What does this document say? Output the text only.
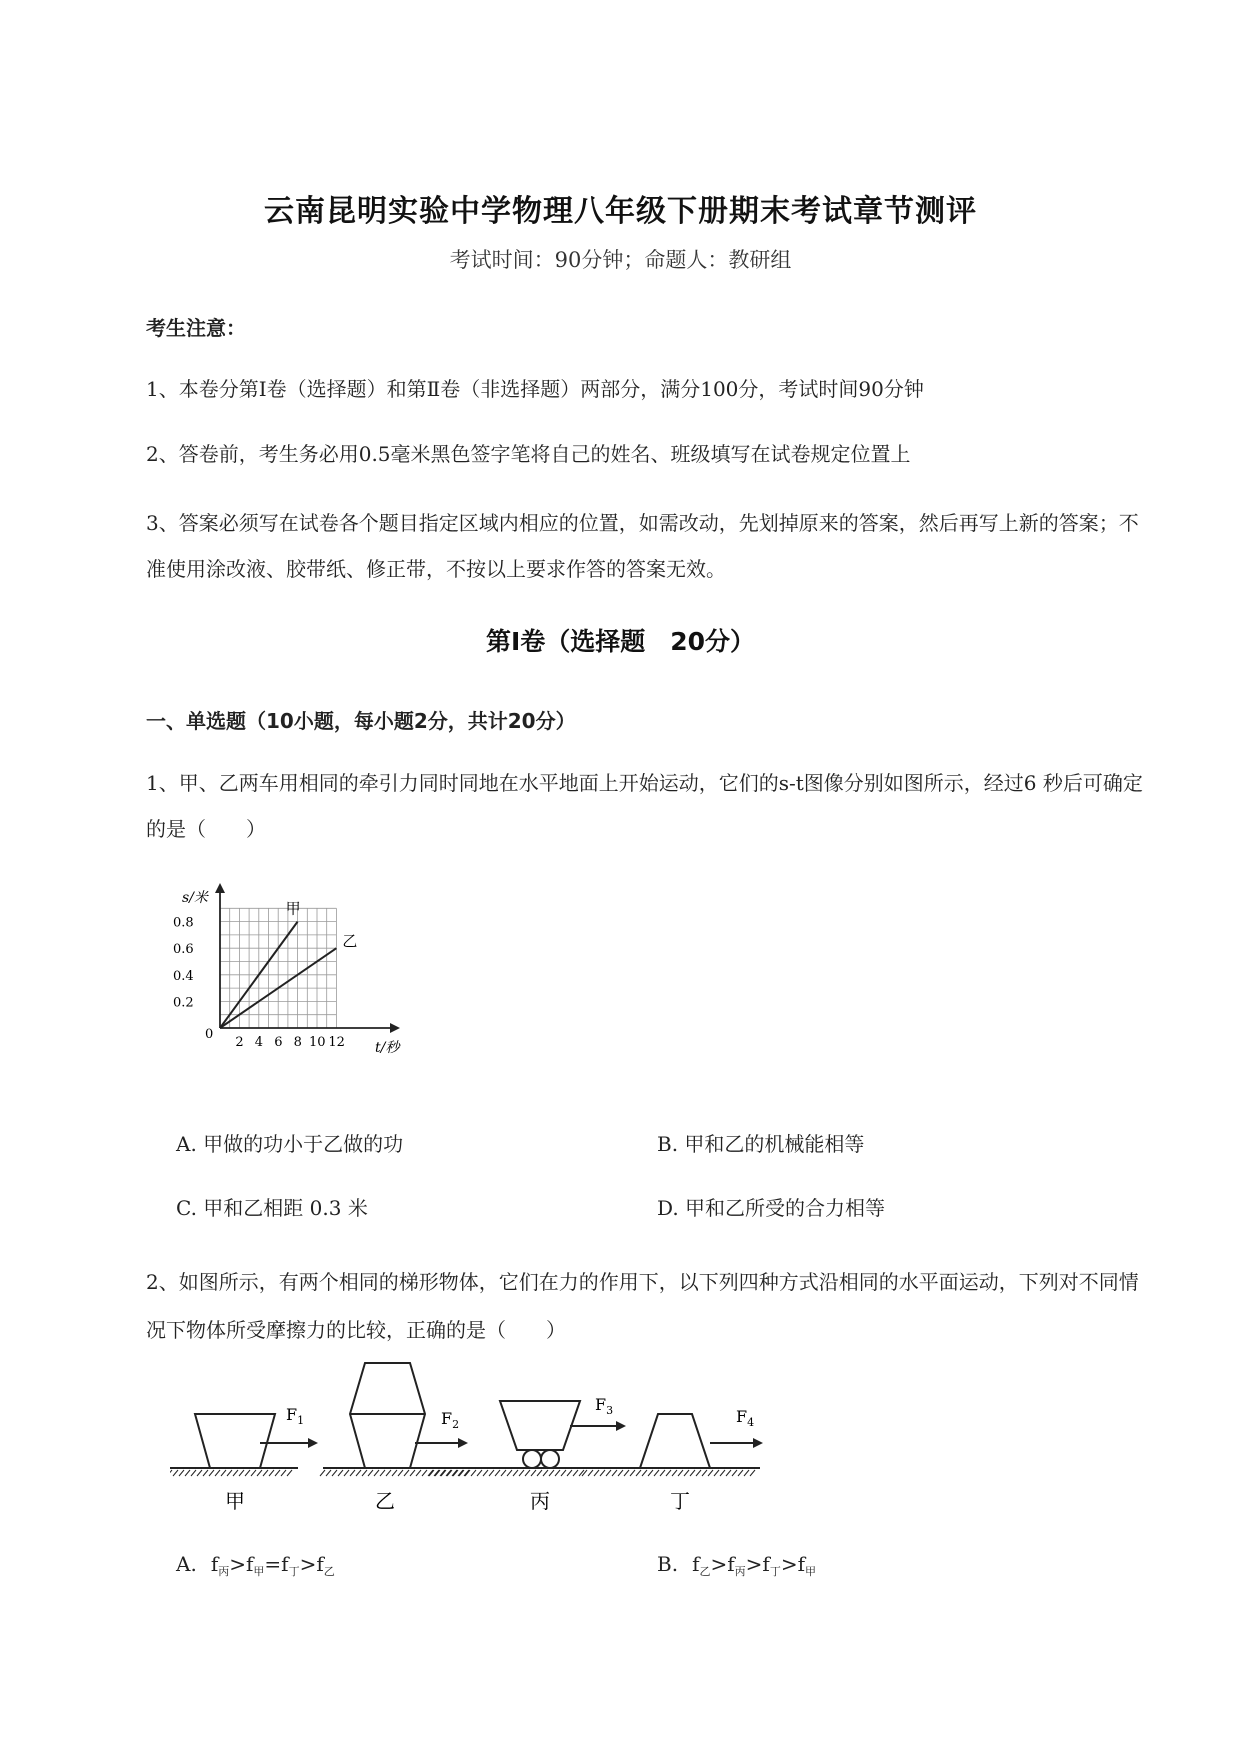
云南昆明实验中学物理八年级下册期末考试章节测评
考试时间：90分钟；命题人：教研组
考生注意：
1、本卷分第I卷（选择题）和第Ⅱ卷（非选择题）两部分，满分100分，考试时间90分钟
2、答卷前，考生务必用0.5毫米黑色签字笔将自己的姓名、班级填写在试卷规定位置上
3、答案必须写在试卷各个题目指定区域内相应的位置，如需改动，先划掉原来的答案，然后再写上新的答案；不准使用涂改液、胶带纸、修正带，不按以上要求作答的答案无效。
第I卷（选择题　20分）
一、单选题（10小题，每小题2分，共计20分）
1、甲、乙两车用相同的牵引力同时同地在水平地面上开始运动，它们的s-t图像分别如图所示，经过6 秒后可确定的是（　　）
s/米
t/秒
0
0.2
0.4
0.6
0.8
2 4 6 8 10 12
甲
乙
A. 甲做的功小于乙做的功	B. 甲和乙的机械能相等
C. 甲和乙相距 0.3 米	D. 甲和乙所受的合力相等
2、如图所示，有两个相同的梯形物体，它们在力的作用下，以下列四种方式沿相同的水平面运动，下列对不同情况下物体所受摩擦力的比较，正确的是（　　）
$F_1$	$F_2$
$F_3$	$F_4$
甲	乙	丙	丁
A. $f_丙>f_甲=f_丁>f_乙$	B. $f_乙>f_丙>f_丁>f_甲$
